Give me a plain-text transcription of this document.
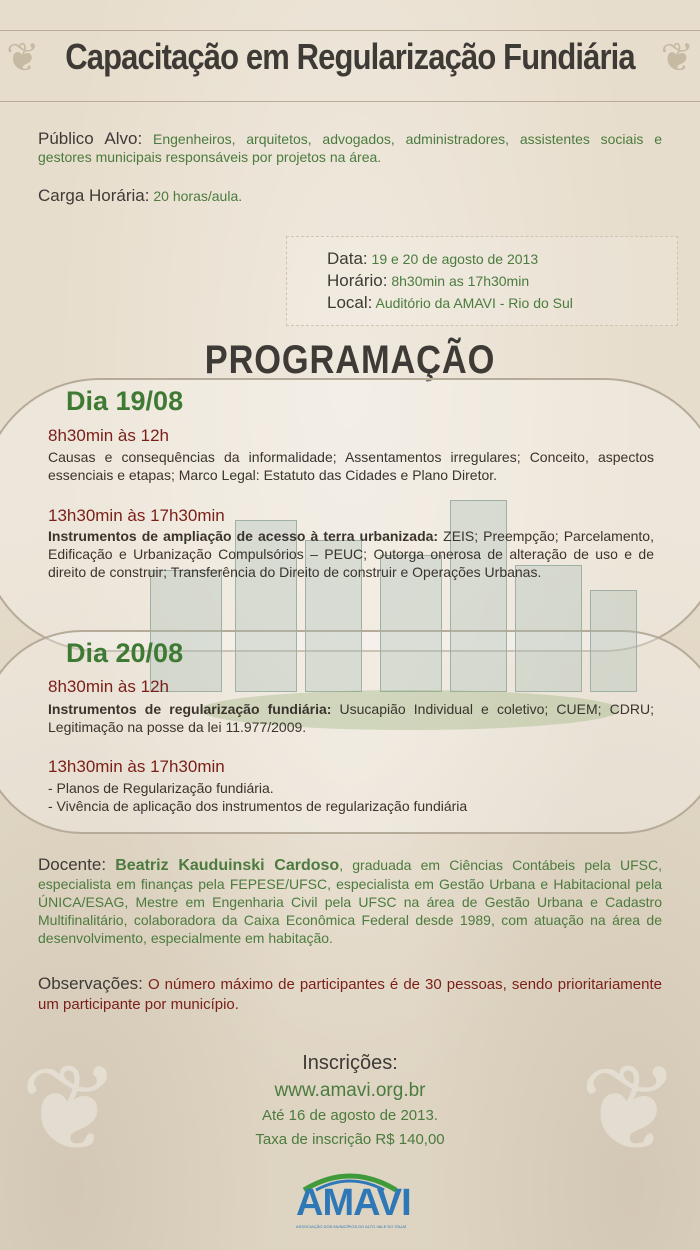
❦	❦
Capacitação em Regularização Fundiária
Público Alvo: Engenheiros, arquitetos, advogados, administradores, assistentes sociais e gestores municipais responsáveis por projetos na área.
Carga Horária: 20 horas/aula.
Data: 19 e 20 de agosto de 2013
Horário: 8h30min as 17h30min
Local: Auditório da AMAVI - Rio do Sul
PROGRAMAÇÃO
Dia 19/08
8h30min às 12h
Causas e consequências da informalidade; Assentamentos irregulares; Conceito, aspectos essenciais e etapas; Marco Legal: Estatuto das Cidades e Plano Diretor.
13h30min às 17h30min
Instrumentos de ampliação de acesso à terra urbanizada: ZEIS; Preempção; Parcelamento, Edificação e Urbanização Compulsórios – PEUC; Outorga onerosa de alteração de uso e de direito de construir; Transferência do Direito de construir e Operações Urbanas.
Dia 20/08
8h30min às 12h
Instrumentos de regularização fundiária: Usucapião Individual e coletivo; CUEM; CDRU; Legitimação na posse da lei 11.977/2009.
13h30min às 17h30min
- Planos de Regularização fundiária.
- Vivência de aplicação dos instrumentos de regularização fundiária
Docente: Beatriz Kauduinski Cardoso, graduada em Ciências Contábeis pela UFSC, especialista em finanças pela FEPESE/UFSC, especialista em Gestão Urbana e Habitacional pela ÚNICA/ESAG, Mestre em Engenharia Civil pela UFSC na área de Gestão Urbana e Cadastro Multifinalitário, colaboradora da Caixa Econômica Federal desde 1989, com atuação na área de desenvolvimento, especialmente em habitação.
Observações: O número máximo de participantes é de 30 pessoas, sendo prioritariamente um participante por município.
❦	❦
Inscrições:
www.amavi.org.br
Até 16 de agosto de 2013.
Taxa de inscrição R$ 140,00
AMAVI
ASSOCIAÇÃO DOS MUNICÍPIOS DO ALTO VALE DO ITAJAÍ
